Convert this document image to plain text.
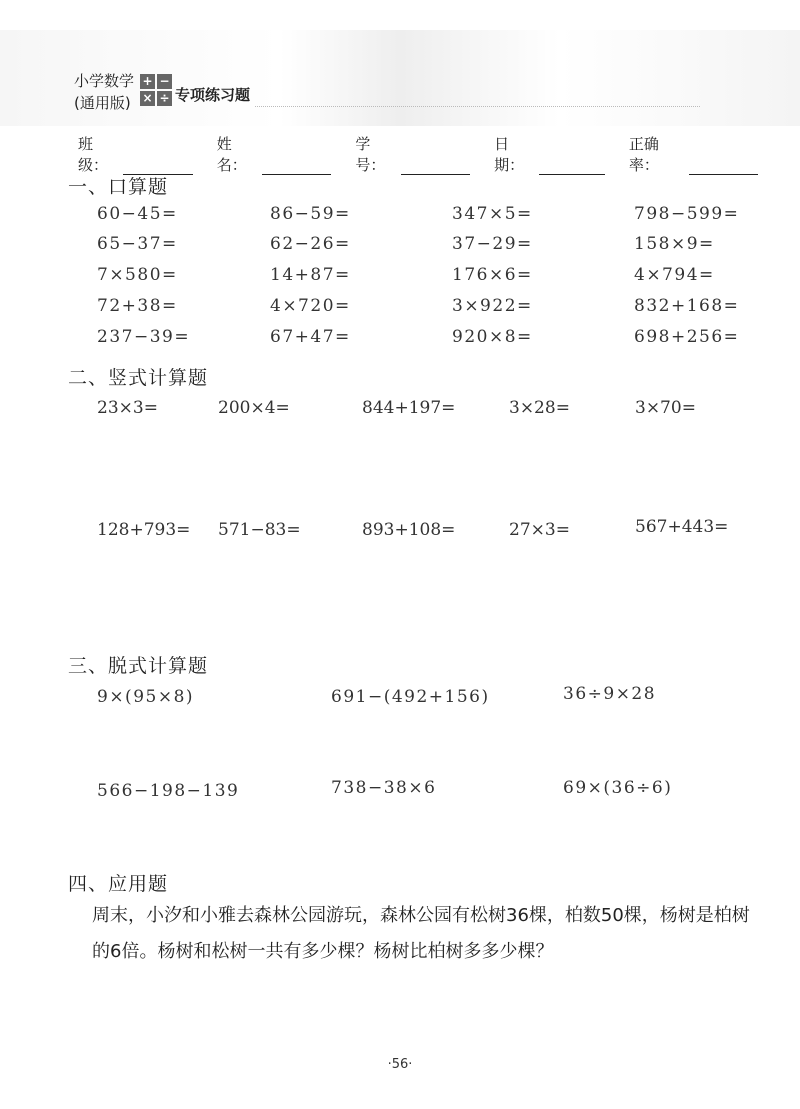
小学数学
(通用版)
+ −
× ÷ 专项练习题
班级：
姓名：
学号：
日期：
正确率：
一、口算题
60−45=	86−59=	347×5=	798−599=
65−37=	62−26=	37−29=	158×9=
7×580=	14+87=	176×6=	4×794=
72+38=	4×720=	3×922=	832+168=
237−39=	67+47=	920×8=	698+256=
二、竖式计算题
23×3=	200×4=	844+197=	3×28=	3×70=
128+793= 571−83=	893+108=	27×3=	567+443=
三、脱式计算题
9×(95×8)	691−(492+156)	36÷9×28
566−198−139	738−38×6	69×(36÷6)
四、应用题
周末，小汐和小雅去森林公园游玩，森林公园有松树36棵，柏数50棵，杨树是柏树的6倍。杨树和松树一共有多少棵？杨树比柏树多多少棵？
·56·
